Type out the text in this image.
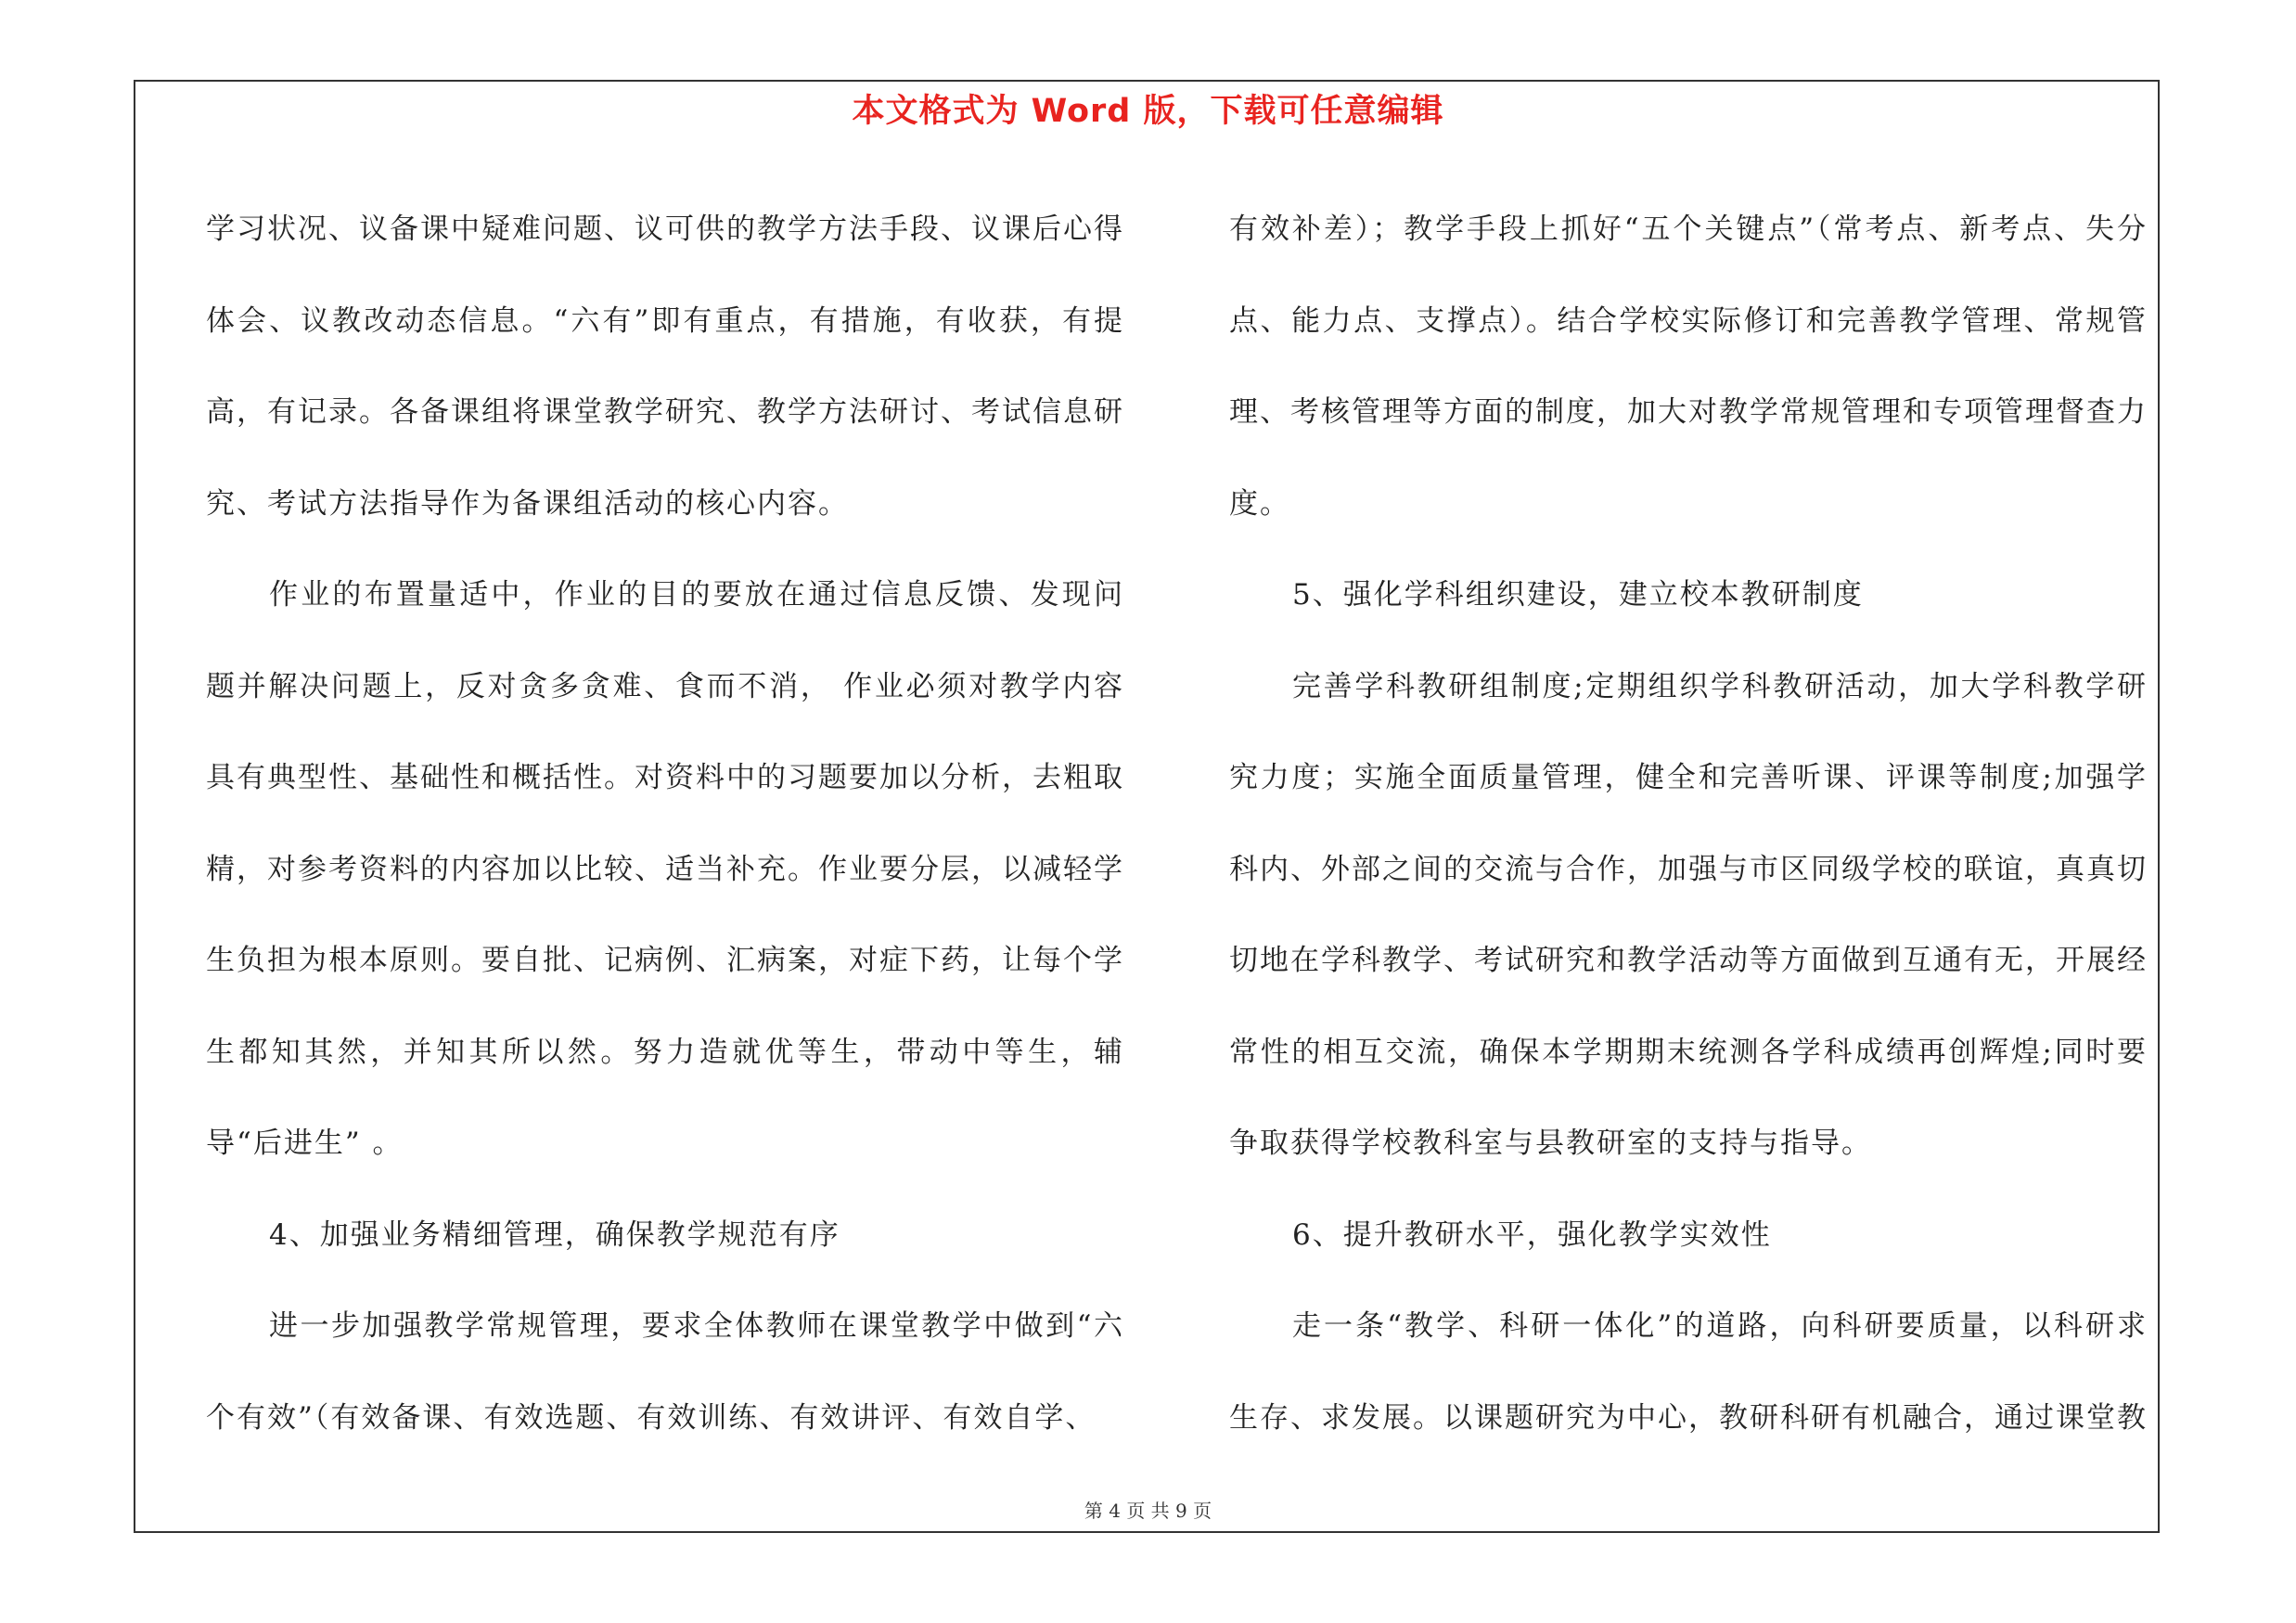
本文格式为 Word 版，下载可任意编辑

学习状况、议备课中疑难问题、议可供的教学方法手段、议课后心得体会、议教改动态信息。“六有”即有重点，有措施，有收获，有提高，有记录。各备课组将课堂教学研究、教学方法研讨、考试信息研究、考试方法指导作为备课组活动的核心内容。

作业的布置量适中，作业的目的要放在通过信息反馈、发现问题并解决问题上，反对贪多贪难、食而不消， 作业必须对教学内容具有典型性、基础性和概括性。对资料中的习题要加以分析，去粗取精，对参考资料的内容加以比较、适当补充。作业要分层，以减轻学生负担为根本原则。要自批、记病例、汇病案，对症下药，让每个学生都知其然，并知其所以然。努力造就优等生，带动中等生，辅导“后进生” 。

4、加强业务精细管理，确保教学规范有序

进一步加强教学常规管理，要求全体教师在课堂教学中做到“六个有效”（有效备课、有效选题、有效训练、有效讲评、有效自学、

有效补差）；教学手段上抓好“五个关键点”（常考点、新考点、失分点、能力点、支撑点）。结合学校实际修订和完善教学管理、常规管理、考核管理等方面的制度，加大对教学常规管理和专项管理督查力度。

5、强化学科组织建设，建立校本教研制度

完善学科教研组制度;定期组织学科教研活动，加大学科教学研究力度；实施全面质量管理，健全和完善听课、评课等制度;加强学科内、外部之间的交流与合作，加强与市区同级学校的联谊，真真切切地在学科教学、考试研究和教学活动等方面做到互通有无，开展经常性的相互交流，确保本学期期末统测各学科成绩再创辉煌;同时要争取获得学校教科室与县教研室的支持与指导。

6、提升教研水平，强化教学实效性

走一条“教学、科研一体化”的道路，向科研要质量，以科研求生存、求发展。以课题研究为中心，教研科研有机融合，通过课堂教

第 4 页 共 9 页
